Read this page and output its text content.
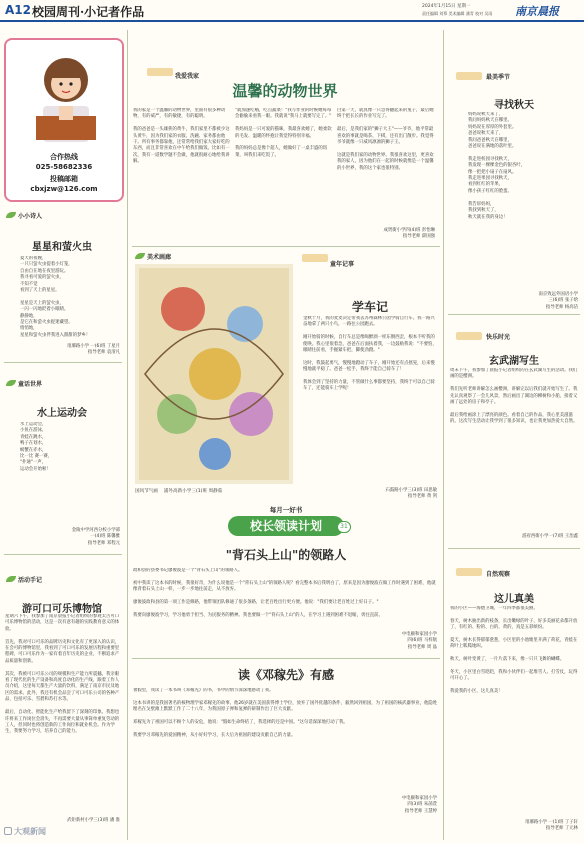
A12 校园周刊·小记者作品	2024年1月15日 星期一
责任编辑 刘慕 美术编辑 潘青 校对 吴雨 南京晨报
合作热线
025-58682336
投稿邮箱
cbxjzw@126.com
小小诗人
星星和萤火虫
夏天的夜晚，
一只只萤火虫提着小灯笼，
自由自在地在夜里游玩。
我寻看可爱的萤火虫，
不知不觉
看到了天上的星星。

星星是天上的萤火虫，
一闪一闪地眨着小眼睛。
静静地，
是它在和萤火虫捉迷藏望。
悄悄地，
星星和萤火虫伴我进入甜甜的梦乡！
琅琊路小学 一(6)班 丁星月
指导老师 袁清凡
童话世界
水上运动会
水上运动会，
小鱼在游泳，
青蛙在跳水，
鸭子在划水，
螃蟹在赤水，
比一比 赛一赛，
"扑通"一声，
运动会开始啦！
金陵中学河西分校小学部
一(4)班 陈馨雅
指导老师 邓程元
活动手记
游可口可乐博物馆
星期六下午，我参加了南京晨报小记者组织的参观太古可口可乐博物馆的活动，这是一次有意有趣的实践教育意义的体验。

首先，我对可口可乐的品牌历史和文化有了更深入的认识，在会可的博物馆里，我看到了可口可乐的发展历程和重要里程碑，可口可乐作为一家有着百年历史的企业，不断追求产品质量和创新。

其次，我被可口可乐公司的规模和生产能力所震撼。我亲眼看了现代化的生产设备和高度自动化的生产线，跟着工作人员介绍，这里每天都生产大量的饮料，满足了南京市民及地区的需求。此外，我还有机会品尝了可口可乐公司的各种产品，包括可乐、雪碧和苏打水等。

最后，自动化、智能化生产给我留下了深刻的印象。我想也许将来工作岗位会消失，不再需要大量从事简单重复劳动的工人，但同时也将创造新的工作岗位和就业机会。作为学生，我要努力学习，培养自己的能力。
武钜新村小学三(3)班 潘 淮
我爱我家
温馨的动物世界
我的家是一个温馨的动物世界，里面有很多种动物，有的威严，有的敏捷，有的聪明。

我的爸爸是一头雄狭的黄牛，我们家里不都被少这头黄牛，因为我们家的衣服、洗碗、家务都由他干。所有事务都靠他，还常常给我们家大家好吃的东西，而且非常喜欢在中午给我们做饭。比如有一次，我有一道数学题不会做，他就很耐心地给我讲解。
"就加速吃哦，吃点蔬菜！"我写作业的时候她每每会偷偷来看我一眼。我就说"我马上就要写完了。"

我妈妈是一只可爱的猫咪，我最喜欢她了，她柔软的毛发、温暖的怀抱让我觉得特别幸福。

我的妈妈总是像个超人，她做好了一桌丰盛的饭菜，叫我们来吃饭了。
白第一天，就真像一只急得翻起来的兔子，最后她终于把长长的作业写完了。

最后，是我们家的"狮子大王"——爷爷，他平常最喜欢的事就是喝茶、下棋，还有出门散步。我觉得爷爷就像一只威风凛凛的狮子王。

这就是我们家的动物世界。我很喜欢这里，更喜欢我的家人，因为他们在一起的时候就像是一个温馨的小世界，我的这个家也很特别。
成贤街小学四(4)班 彭怡琳
指导老师 薛国强
美术画廊
国风节气画    浦外高新小学三(1)班 周静茹
童年记事
学车记
金秋十月，我的麦麦决定带我去苏州森林公园学骑自行车。我一路兴奋地拿了两只小鸟，一路往公园跑去。

刚开始骑的时候，自行车总是像喝醉酒一样东倒西歪，根本不听我的使唤。我心里很着急，爸爸在后面扶着我，一边鼓励我说："不要怕，眼睛往前看，手握紧车把，脚使劲蹬。"

这时，我鼓起勇气，慢慢地蹬动了车子，刚开始还有点摇晃，后来慢慢地就平稳了。爸爸一松手，我终于能自己骑车了！

我体会到了坚持的力量，不管做什么事都要坚持，我终于可以自己骑车了，还能骑车上学呢！
石鼓路小学三(3)班 田思敏
指导老师 黄 剑
每月一好书
校长领读计划	31
"背石头上山"的领路人
政和县的县委书记廖俊波是一个"背石头上山"的领路人。

初中我读了这本书的时候，我很好奇，为什么说他是一个"背石头上山"的领路人呢？看完整本书后我明白了，原来是因为廖俊波在做工作时遇到了困难，他就像背着石头上山一样，一步一步地往前走，从不放弃。

廖俊波政和县的第一项工作是修路，他带领团队修通了很多条路，让老百姓出行更方便。他说："我们要让老百姓过上好日子。"

我要向廖俊波学习，学习他勇于担当、为民服务的精神。我也要做一个"背石头上山"的人，在学习上遇到困难不退缩，勇往直前。
中电颐和家园小学
四(6)班 马梓航
指导老师 周 晶
读《邓稼先》有感
暑假里，我读了一本书叫《邓稼先》的书，书中的情节深深地感动了我。

这本书讲的是我国著名的核物理学家邓稼先的故事。他26岁就在美国获得博士学位，放弃了国外优越的条件，毅然回到祖国，为了祖国的核武器事业，他隐姓埋名在戈壁滩上默默工作了二十八年，为我国原子弹和氢弹的研制作出了巨大贡献。

邓稼先为了祖国可以不顾个人的安危，他说："假如生命终结了，我选择的还是中国。"这句话深深地打动了我。

我要学习邓稼先的爱国精神，从小好好学习，长大后为祖国的建设贡献自己的力量。
中电颐和家园小学
四(3)班 朱菡萱
指导老师 王慧婷
最美季节
寻找秋天
妈妈说秋天来了，
我问妈妈秋天在哪里。
妈妈说在厚厚的外套里。
爸爸说秋天来了，
我问爸爸秋天在哪里，
爸爸说在满地的落叶里。

我走进校园寻找秋天，
我发现一棵棵金色的银杏叶，
像一把把小扇子在扇风。
我走进果园寻找秋天，
看到红红的苹果，
像小孩子红红的脸蛋。

我告诉妈妈，
我找到秋天了，
秋天就在我的身边！
南京致远外国语小学
三(6)班 张子晗
指导老师 杨高洁
快乐时光
玄武湖写生
周末下午，我参加了晨报小记者组织的在玄武湖写生的活动。我们画的是樱洲。

我们先听老师讲解怎么画樱洲，讲解完以后我们就开始写生了。我先认真观察了一会儿风景，然后画出了湖边的柳树和小船，接着又画了远处的房子和亭子。

最后我给画涂上了漂亮的颜色。看着自己的作品，我心里美滋滋的。这次写生活动让我学到了很多知识，也让我更加热爱大自然。
游府西街小学一(7)班 王治鑫
自然观察
这儿真美
我的小区——海德卫城，一年四季都很美丽。

春天，树木抽出新的枝条，长出嫩绿的叶子，好多美丽花朵都开放了，有红的、粉的、白的、黄的，真是五彩缤纷。

夏天，树木长得郁郁葱葱，小区里的小池塘里开满了荷花，青蛙在荷叶上呱呱地叫。

秋天，树叶变黄了，一片片落下来，像一只只飞舞的蝴蝶。

冬天，小区里白雪皑皑，我和小伙伴们一起堆雪人、打雪仗，玩得可开心了。

我爱我的小区，这儿真美！
琅琊路小学 一(1)班 丁子轩
指导老师 丁元林
大观新闻
